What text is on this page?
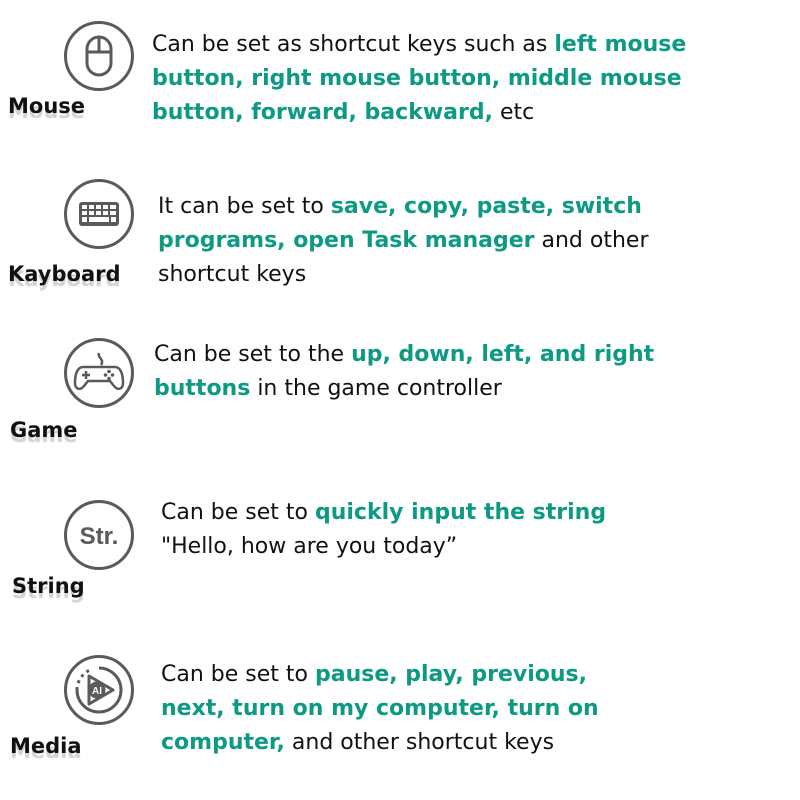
Mouse
Can be set as shortcut keys such as left mouse button, right mouse button, middle mouse button, forward, backward, etc
Kayboard
It can be set to save, copy, paste, switch programs, open Task manager and other shortcut keys
Game
Can be set to the up, down, left, and right buttons in the game controller
Str.
String
Can be set to quickly input the string "Hello, how are you today”
AI
Media
Can be set to pause, play, previous, next, turn on my computer, turn on computer, and other shortcut keys
